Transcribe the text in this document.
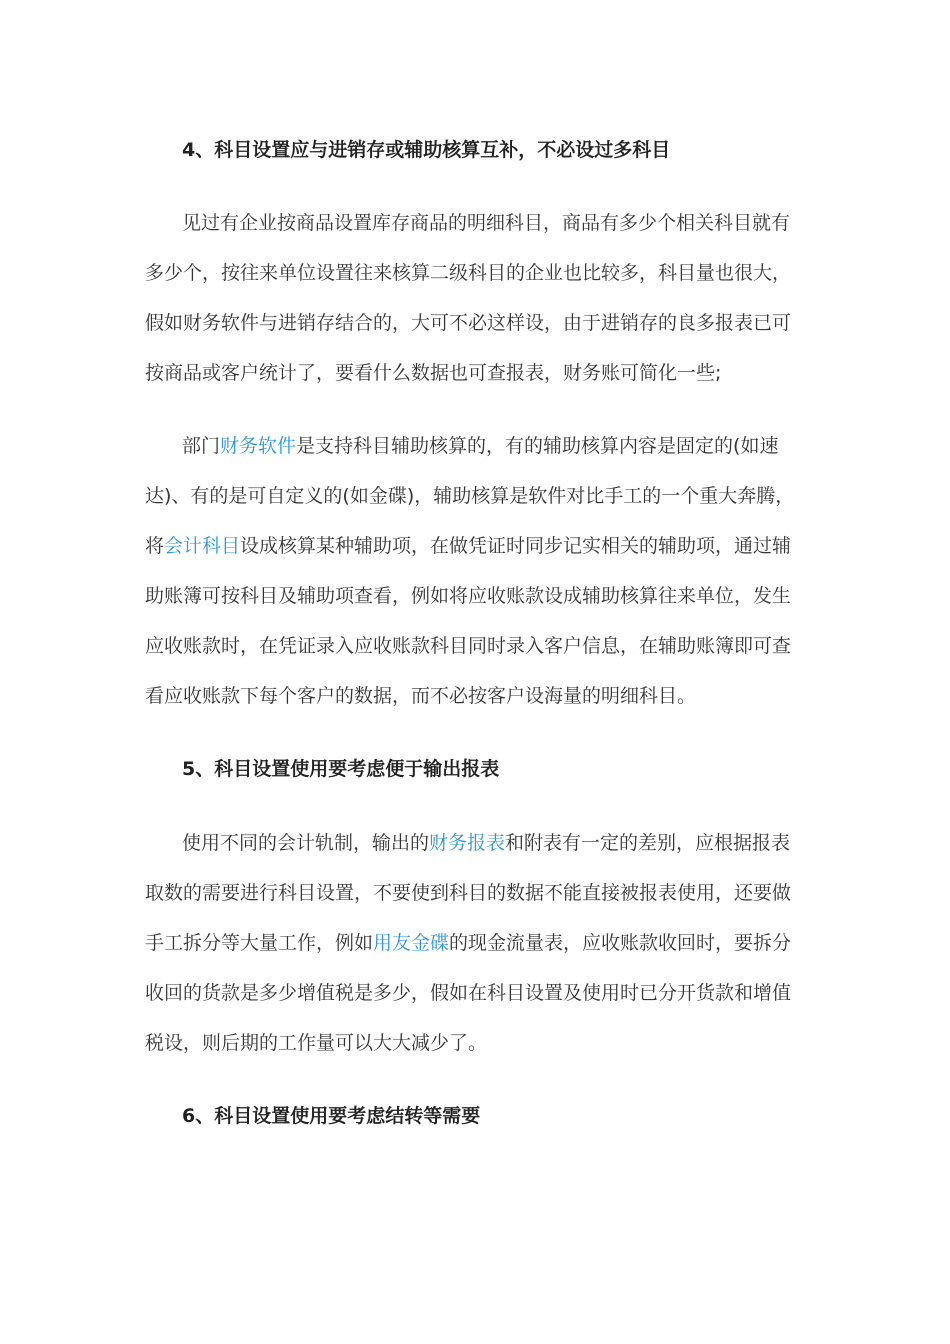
4、科目设置应与进销存或辅助核算互补，不必设过多科目
见过有企业按商品设置库存商品的明细科目，商品有多少个相关科目就有
多少个，按往来单位设置往来核算二级科目的企业也比较多，科目量也很大，
假如财务软件与进销存结合的，大可不必这样设，由于进销存的良多报表已可
按商品或客户统计了，要看什么数据也可查报表，财务账可简化一些;
部门财务软件是支持科目辅助核算的，有的辅助核算内容是固定的(如速
达)、有的是可自定义的(如金碟)，辅助核算是软件对比手工的一个重大奔腾，
将会计科目设成核算某种辅助项，在做凭证时同步记实相关的辅助项，通过辅
助账簿可按科目及辅助项查看，例如将应收账款设成辅助核算往来单位，发生
应收账款时，在凭证录入应收账款科目同时录入客户信息，在辅助账簿即可查
看应收账款下每个客户的数据，而不必按客户设海量的明细科目。
5、科目设置使用要考虑便于输出报表
使用不同的会计轨制，输出的财务报表和附表有一定的差别，应根据报表
取数的需要进行科目设置，不要使到科目的数据不能直接被报表使用，还要做
手工拆分等大量工作，例如用友金碟的现金流量表，应收账款收回时，要拆分
收回的货款是多少增值税是多少，假如在科目设置及使用时已分开货款和增值
税设，则后期的工作量可以大大减少了。
6、科目设置使用要考虑结转等需要
